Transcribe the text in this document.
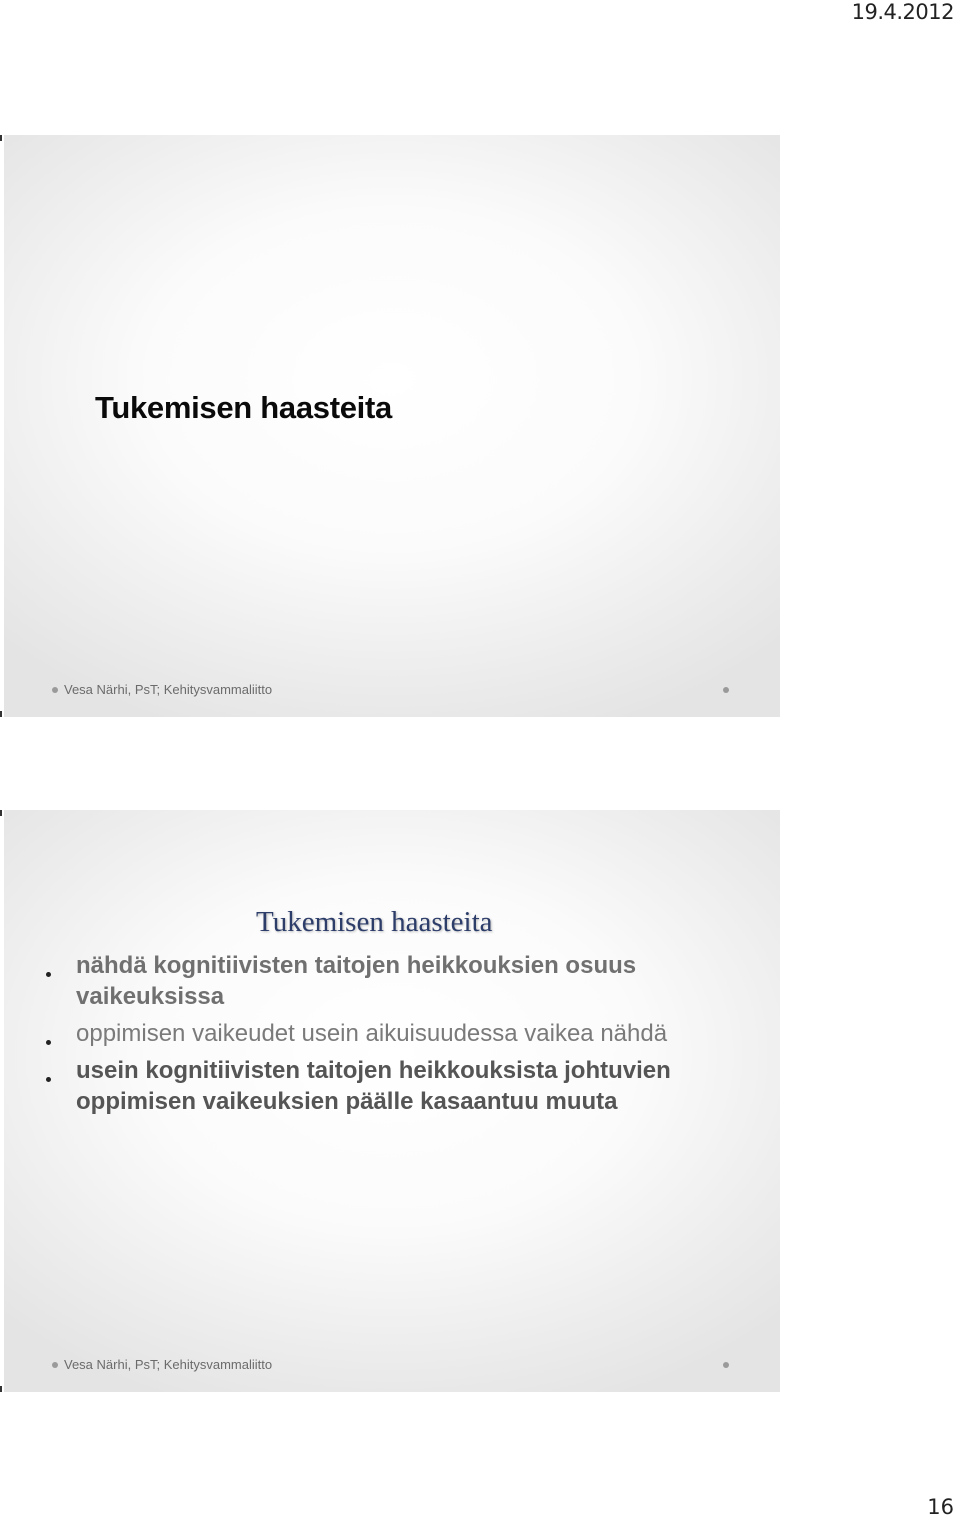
19.4.2012
Tukemisen haasteita
Vesa Närhi, PsT; Kehitysvammaliitto
Tukemisen haasteita
nähdä kognitiivisten taitojen heikkouksien osuus vaikeuksissa
oppimisen vaikeudet usein aikuisuudessa vaikea nähdä
usein kognitiivisten taitojen heikkouksista johtuvien oppimisen vaikeuksien päälle kasaantuu muuta
Vesa Närhi, PsT; Kehitysvammaliitto
16
